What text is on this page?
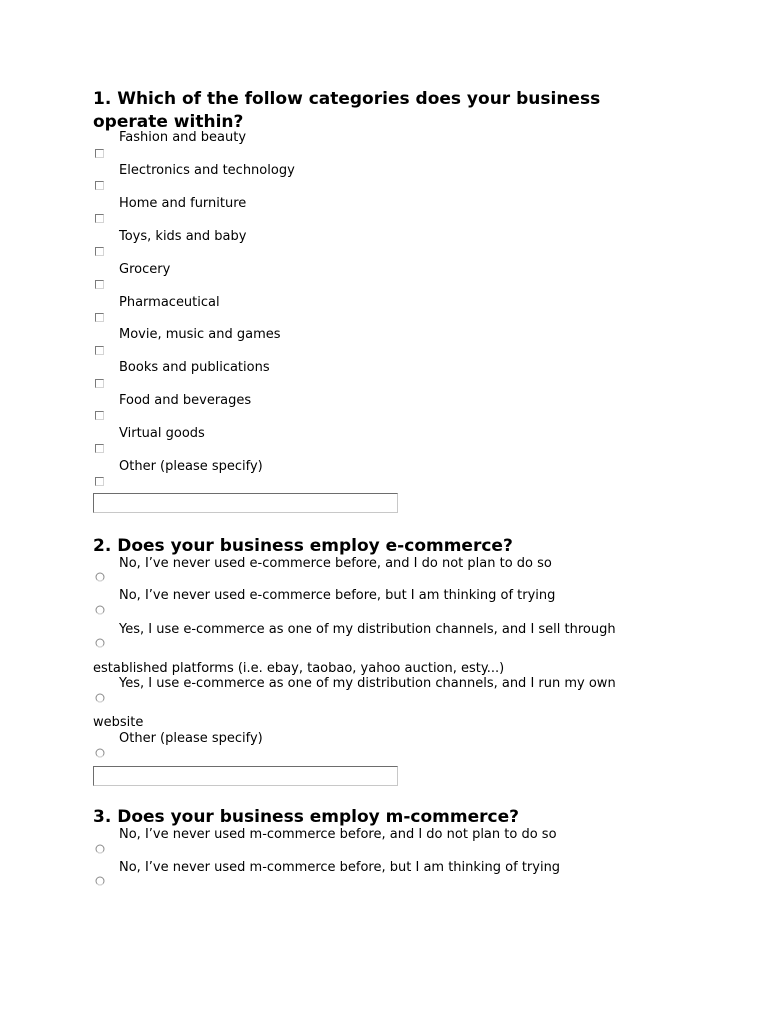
1. Which of the follow categories does your business operate within?
Fashion and beauty
Electronics and technology
Home and furniture
Toys, kids and baby
Grocery
Pharmaceutical
Movie, music and games
Books and publications
Food and beverages
Virtual goods
Other (please specify)
2. Does your business employ e-commerce?
No, I’ve never used e-commerce before, and I do not plan to do so
No, I’ve never used e-commerce before, but I am thinking of trying
Yes, I use e-commerce as one of my distribution channels, and I sell through
established platforms (i.e. ebay, taobao, yahoo auction, esty...)
Yes, I use e-commerce as one of my distribution channels, and I run my own
website
Other (please specify)
3. Does your business employ m-commerce?
No, I’ve never used m-commerce before, and I do not plan to do so
No, I’ve never used m-commerce before, but I am thinking of trying
